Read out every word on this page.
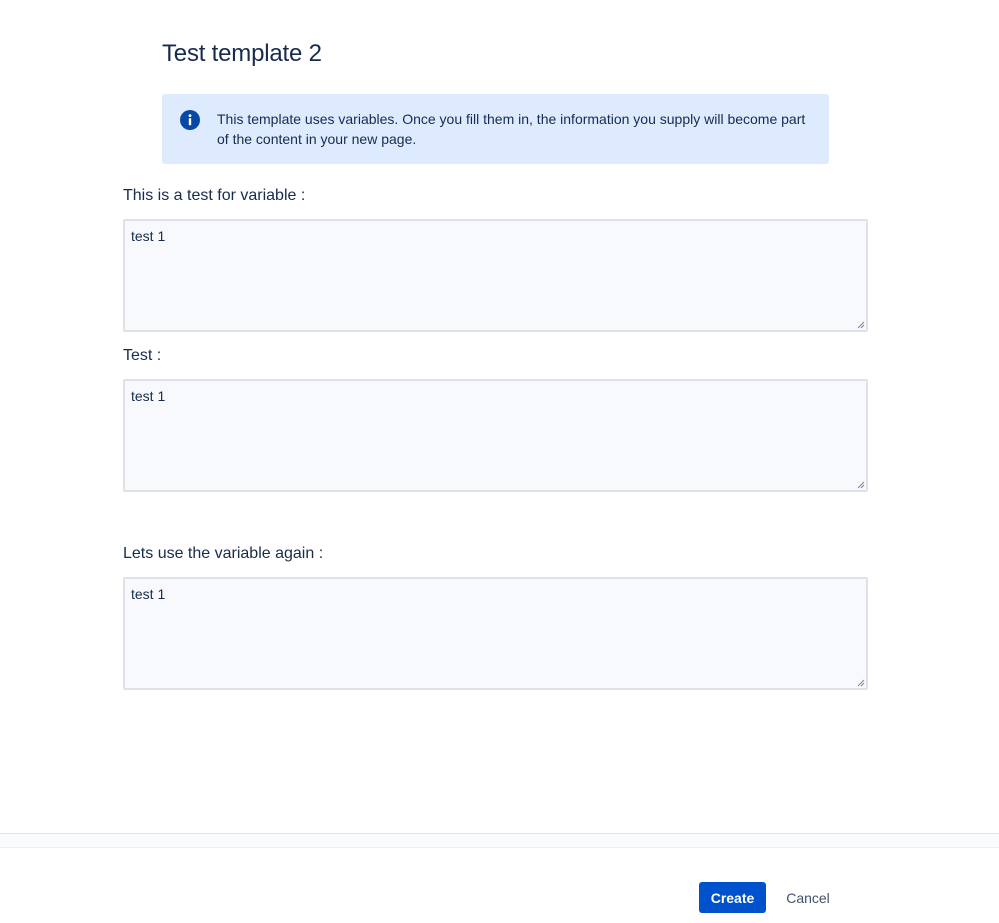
Test template 2
This template uses variables. Once you fill them in, the information you supply will become part of the content in your new page.
This is a test for variable :
test 1
Test :
test 1
Lets use the variable again :
test 1
Create	Cancel
